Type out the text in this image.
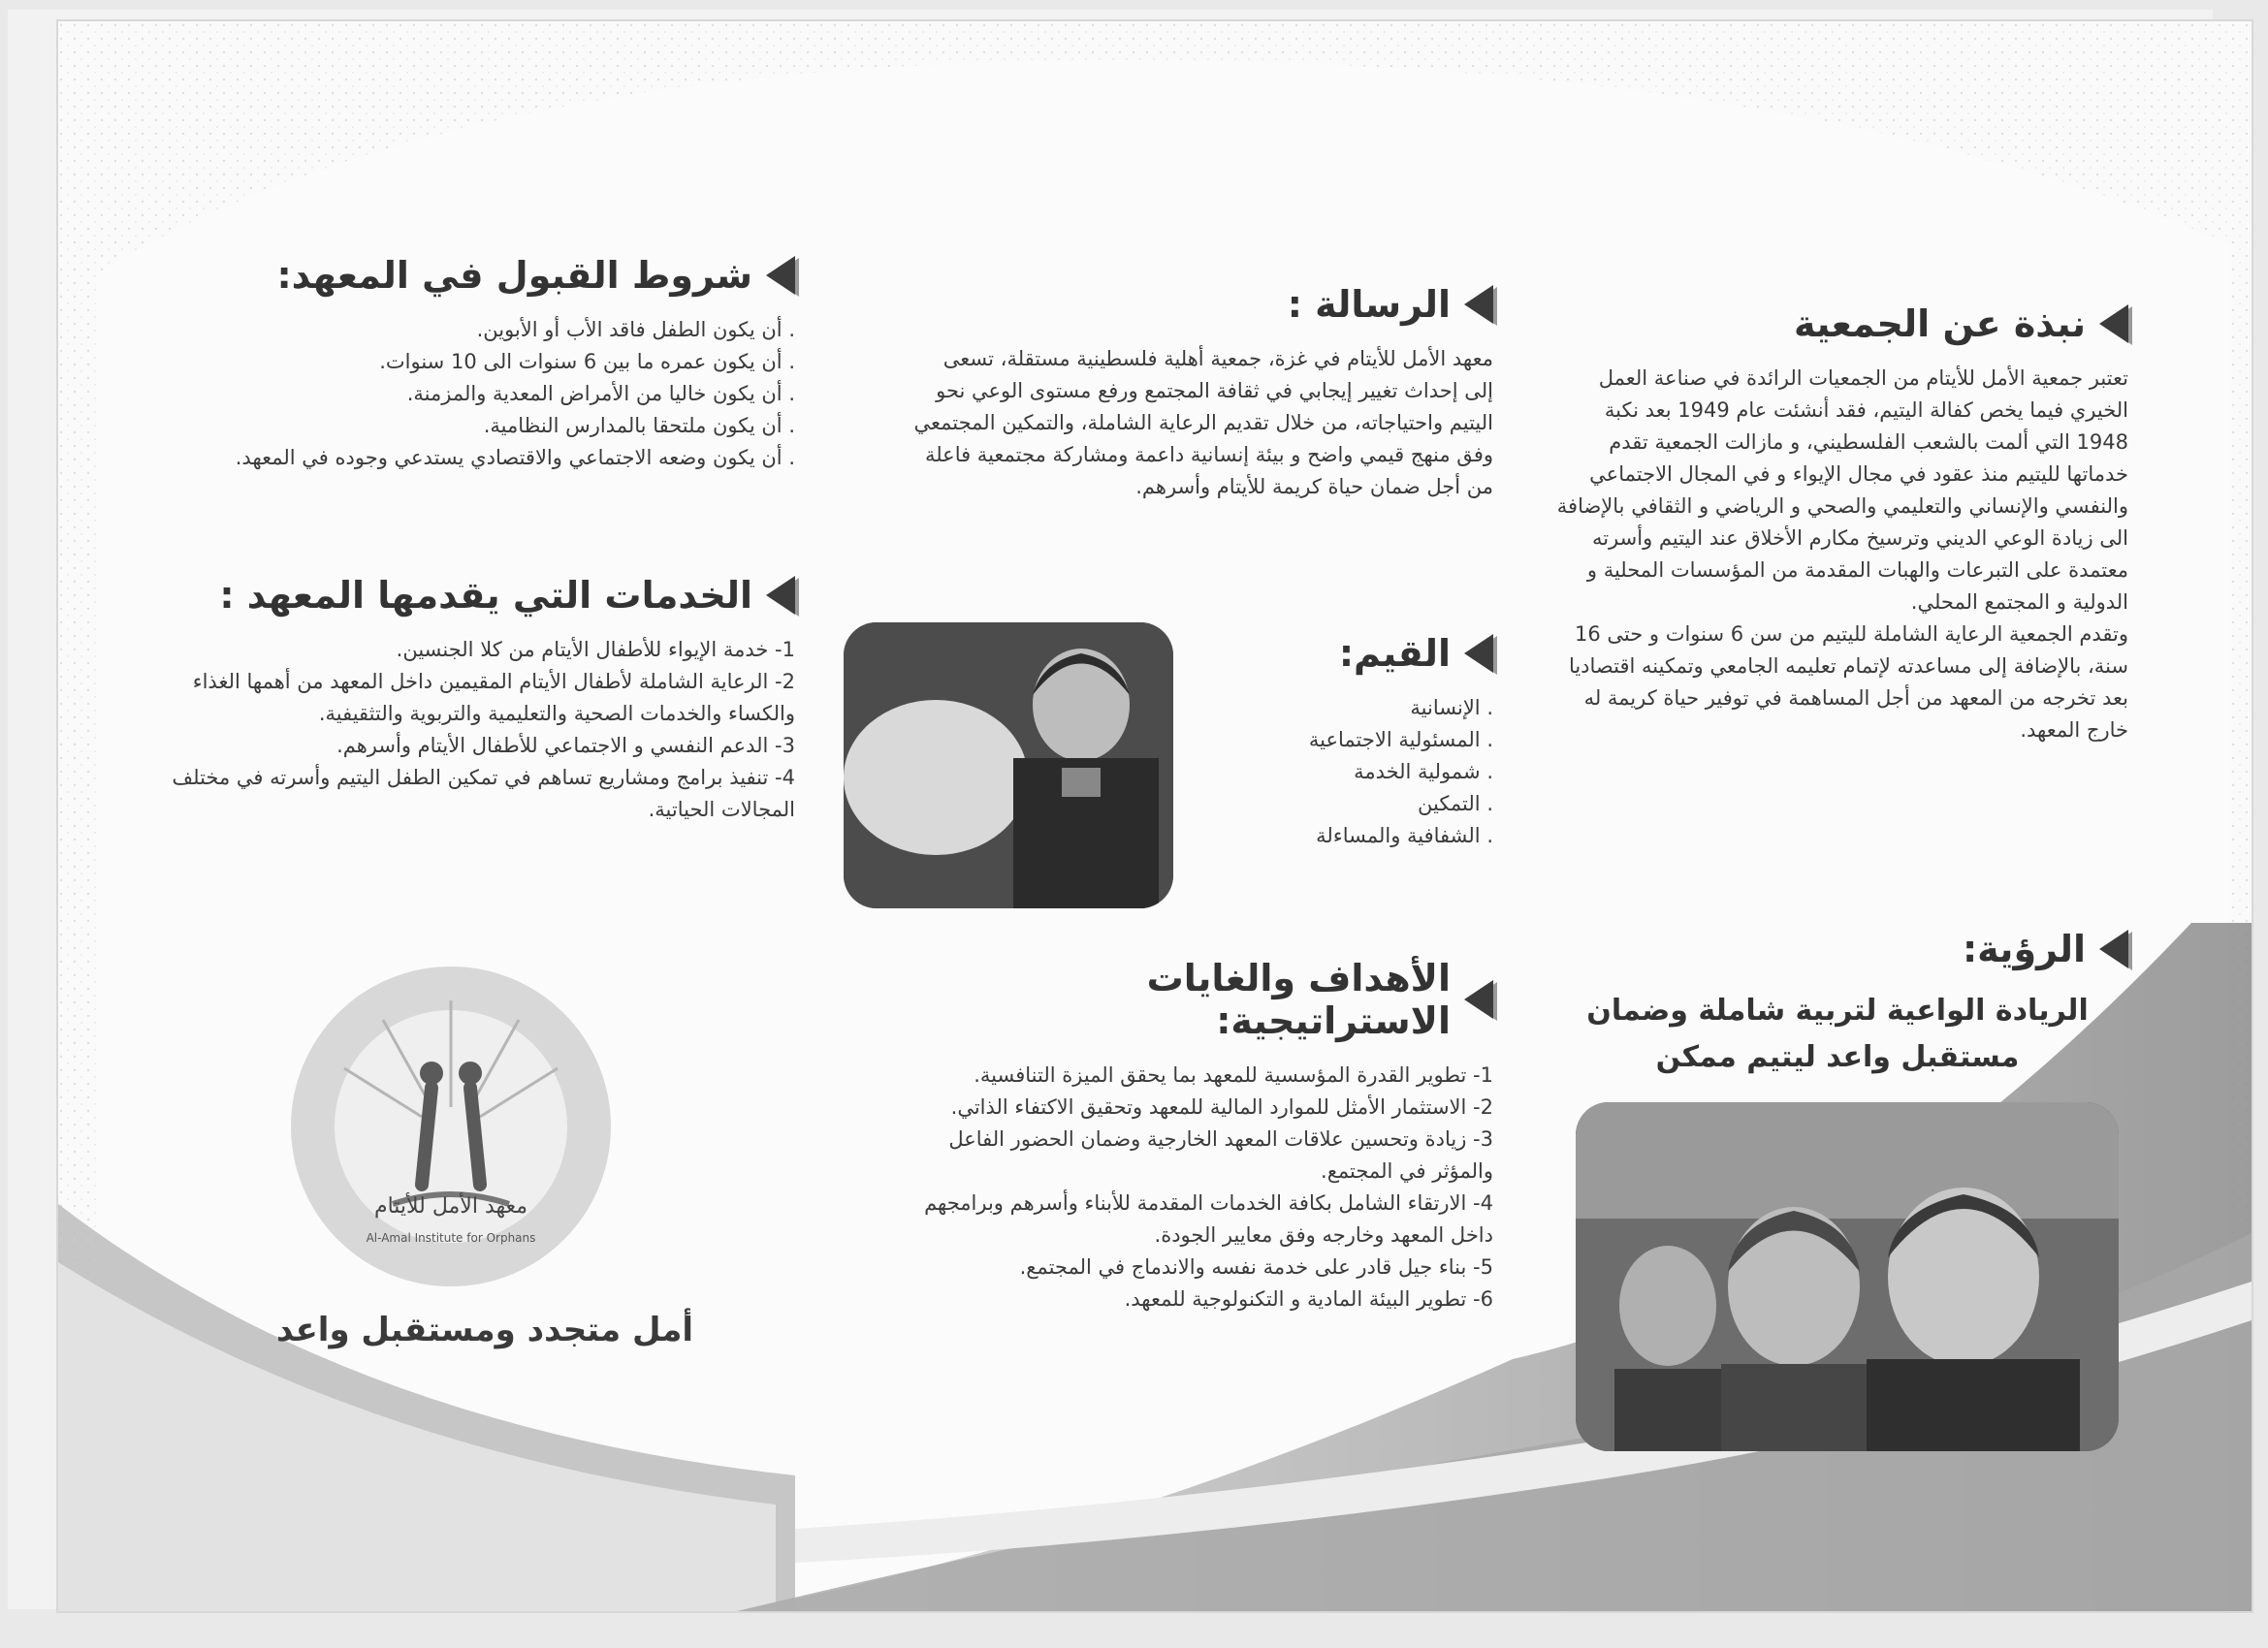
نبذة عن الجمعية

تعتبر جمعية الأمل للأيتام من الجمعيات الرائدة في صناعة العمل الخيري فيما يخص كفالة اليتيم، فقد أنشئت عام 1949 بعد نكبة 1948 التي ألمت بالشعب الفلسطيني، و مازالت الجمعية تقدم خدماتها لليتيم منذ عقود في مجال الإيواء و في المجال الاجتماعي والنفسي والإنساني والتعليمي والصحي و الرياضي و الثقافي بالإضافة الى زيادة الوعي الديني وترسيخ مكارم الأخلاق عند اليتيم وأسرته معتمدة على التبرعات والهبات المقدمة من المؤسسات المحلية و الدولية و المجتمع المحلي.

وتقدم الجمعية الرعاية الشاملة لليتيم من سن 6 سنوات و حتى 16 سنة، بالإضافة إلى مساعدته لإتمام تعليمه الجامعي وتمكينه اقتصاديا بعد تخرجه من المعهد من أجل المساهمة في توفير حياة كريمة له خارج المعهد.

الرؤية:
الريادة الواعية لتربية شاملة وضمان
مستقبل واعد ليتيم ممكن
الرسالة :

معهد الأمل للأيتام في غزة، جمعية أهلية فلسطينية مستقلة، تسعى إلى إحداث تغيير إيجابي في ثقافة المجتمع ورفع مستوى الوعي نحو اليتيم واحتياجاته، من خلال تقديم الرعاية الشاملة، والتمكين المجتمعي وفق منهج قيمي واضح و بيئة إنسانية داعمة ومشاركة مجتمعية فاعلة من أجل ضمان حياة كريمة للأيتام وأسرهم.

القيم:
. الإنسانية
. المسئولية الاجتماعية
. شمولية الخدمة
. التمكين
. الشفافية والمساءلة
الأهداف والغايات الاستراتيجية:
1- تطوير القدرة المؤسسية للمعهد بما يحقق الميزة التنافسية.
2- الاستثمار الأمثل للموارد المالية للمعهد وتحقيق الاكتفاء الذاتي.
3- زيادة وتحسين علاقات المعهد الخارجية وضمان الحضور الفاعل والمؤثر في المجتمع.
4- الارتقاء الشامل بكافة الخدمات المقدمة للأبناء وأسرهم وبرامجهم داخل المعهد وخارجه وفق معايير الجودة.
5- بناء جيل قادر على خدمة نفسه والاندماج في المجتمع.
6- تطوير البيئة المادية و التكنولوجية للمعهد.
شروط القبول في المعهد:
. أن يكون الطفل فاقد الأب أو الأبوين.
. أن يكون عمره ما بين 6 سنوات الى 10 سنوات.
. أن يكون خاليا من الأمراض المعدية والمزمنة.
. أن يكون ملتحقا بالمدارس النظامية.
. أن يكون وضعه الاجتماعي والاقتصادي يستدعي وجوده في المعهد.
الخدمات التي يقدمها المعهد :
1- خدمة الإيواء للأطفال الأيتام من كلا الجنسين.
2- الرعاية الشاملة لأطفال الأيتام المقيمين داخل المعهد من أهمها الغذاء والكساء والخدمات الصحية والتعليمية والتربوية والتثقيفية.
3- الدعم النفسي و الاجتماعي للأطفال الأيتام وأسرهم.
4- تنفيذ برامج ومشاريع تساهم في تمكين الطفل اليتيم وأسرته في مختلف المجالات الحياتية.
معهد الأمل للأيتام
Al-Amal Institute for Orphans
أمل متجدد ومستقبل واعد
